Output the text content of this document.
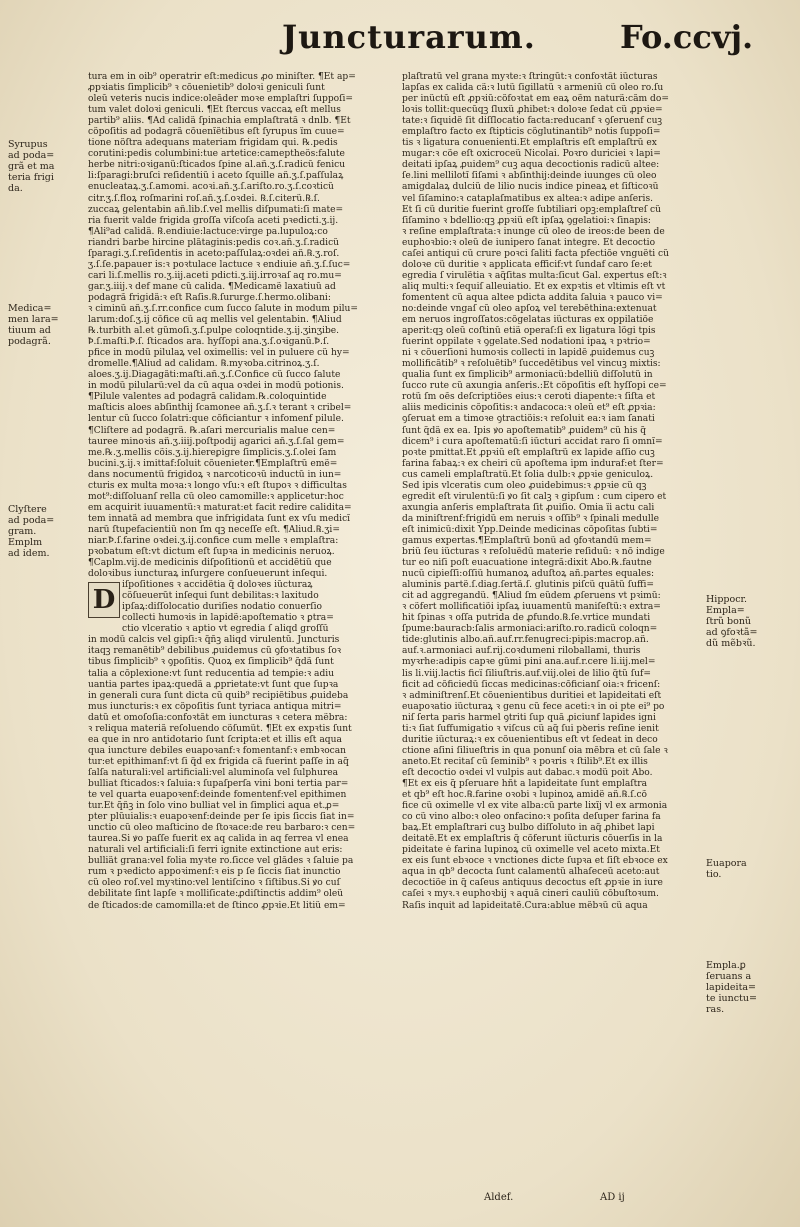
Juncturarum.	Fo.ccvj.
Syrupus
ad poda=
grã et ma
teria frigi
da.
Medica=
men lara=
tiuum ad
podagrã.
Clyſtere
ad poda=
gram.
Emplm
ad idem.
Hippocr.
Empla=
ſtrũ bonũ
ad ꝯfoꝛtã=
dũ mẽbꝛũ.
Euapora
tio.
Empla.ꝑ
ſeruans a
lapideita=
te iunctu=
ras.
tura em in oib⁹ operatrir eſt:medicus ꝓo miniſter. ¶Et ap=
ꝓpꝛiatis ſimplicib⁹ ꝛ cõuenietib⁹ doloꝛi geniculi ſunt
oleũ veteris nucis indice:oleãder moꝛe emplaſtri ſuppoſi=
tum valet doloꝛi geniculi. ¶Et ſtercus vaccaꝝ eſt mellus
partib⁹ aliis. ¶Ad calidã ſpinachia emplaſtratã ꝛ dnlb. ¶Et
cõpoſitis ad podagrã cõuenĩẽtibus eſt ſyrupus ĩm cuue=
tione nõſtra adequans materiam frigidam qui. ℞.pedis
corutini:pedis columbini:tue artetice:cameptheõs:falute
herbe nitri:oꝛiganũ:ſticados ſpine al.añ.ʒ.ſ.radicũ fenicu
li:ſparagi:bruſci reſidentiũ i aceto ſquille añ.ʒ.ſ.paſſulaꝝ
enucleataꝝ.ʒ.ſ.amomi. acoꝛi.añ.ʒ.ſ.ariſto.ro.ʒ.ſ.coꝛticũ
citr.ʒ.ſ.floꝝ roſmarini roſ.añ.ʒ.ſ.oꝛdei. ℞.ſ.citerũ.℞.ſ.
zuccaꝝ gelentabin añ.lib.ſ.vel mellis diſpumati:ſi mate=
ria fuerit valde frigida groſſa viſcoſa aceti pꝛedicti.ʒ.ij.
¶Ali⁹ad calidã. ℞.endiuie:lactuce:virge pa.lupuloꝝ:co
riandri barbe hircine plãtaginis:pedis coꝛ.añ.ʒ.ſ.radicũ
ſparagi.ʒ.ſ.reſidentis in aceto:paſſulaꝝ:oꝛdei añ.℞.ʒ.roſ.
ʒ.ſ.ſe.papauer is:ꝛ poꝛtulace lactuce ꝛ endiuie añ.ʒ.ſ.ſuc=
cari li.ſ.mellis ro.ʒ.iij.aceti pdicti.ʒ.iij.irroꝛaſ aq ro.mu=
gar.ʒ.iiij.ꝛ def mane cũ calida. ¶Medicamẽ laxatiuũ ad
podagrã frigidã:ꝛ eſt Raſis.℞.ſururge.ſ.hermo.olibani:
ꝛ ciminũ añ.ʒ.ſ.rr.confice cum ſucco ſalute in modum pilu=
larum:doſ.ʒ.ij cõfice cũ aq mellis vel gelentabin. ¶Aliud
℞.turbith al.et gũmoſi.ʒ.ſ.pulpe coloqntide.ʒ.ij.ʒinʒibe.
Ꝥ.ſ.maſti.Ꝥ.ſ. ſticados ara. hyſſopi ana.ʒ.ſ.oꝛiganũ.Ꝥ.ſ.
pfice in modũ pilulaꝝ vel oximellis: vel in puluere cũ hy=
dromelle.¶Aliud ad calidam. ℞.myꝛoba.citrinoꝝ.ʒ.ſ.
aloes.ʒ.ij.Diagagãti:maſti.añ.ʒ.ſ.Confice cũ ſucco ſalute
in modũ pilularũ:vel da cũ aqua oꝛdei in modũ potionis.
¶Pilule valentes ad podagrã calidam.℞.coloquintide
maſticis aloes abſinthij ſcamonee añ.ʒ.ſ.ꝛ terant ꝛ cribel=
lentur cũ ſucco ſolatri:que cõficiantur ꝛ infomenf pilule.
¶Cliſtere ad podagrã. ℞.aſari mercurialis malue cen=
tauree minoꝛis añ.ʒ.iiij.poſtpodij agarici añ.ʒ.ſ.ſal gem=
me.℞.ʒ.mellis cõis.ʒ.ij.hiereꝑigre ſimplicis.ʒ.ſ.olei ſam
bucini.ʒ.ij.ꝛ imittaf:ſoluit cõuenieter.¶Emplaſtrũ emẽ=
dans nocumentũ frigidoꝝ ꝛ narcoticoꝛũ inductũ in iun=
cturis ex multa moꝛa:ꝛ longo vſu:ꝛ eſt ſtupoꝛ ꝛ difficultas
mot⁹:diſſoluanſ rella cũ oleo camomille:ꝛ applicetur:hoc
em acquirit iuuamentũ:ꝛ maturat:et facit redire calidita=
tem innatã ad membra que infrigidata ſunt ex vſu medicĩ
narũ ſtupefacientiũ non ſm qꝫ neceſſe eſt. ¶Aliud.℞.ʒi=
niar.Ꝥ.ſ.farine oꝛdei.ʒ.ij.confice cum melle ꝛ emplaſtra:
pꝛobatum eſt:vt dictum eſt ſupꝛa in medicinis neruoꝝ.
¶Capl̃m.vij.de medicinis diſpoſitionũ et accidẽtiũ que
doloꝛibus iuncturaꝝ inſurgere conſueuerunt inſequi.
iſpoſitiones ꝛ accidẽtia q̃ doloꝛes iũcturaꝝ
cõſueuerũt inſequi ſunt debilitas:ꝛ laxitudo
ipſaꝝ:diſſolocatio duriſies nodatio conuerſio
collecti humoꝛis in lapidẽ:apoſtematio ꝛ ꝑtra=
ctio vlceratio ꝛ aptio vt egredia ſ aliqd groſſũ
in modũ calcis vel gipſi:ꝛ q̃ñꝫ aliqd virulentũ. Juncturis
itaqꝫ remanẽtib⁹ debilibus ꝓuidemus cũ ꝯfoꝛtatibus ſoꝛ
tibus ſimplicib⁹ ꝛ ꝯpoſitis. Quoꝝ ex ſimplicib⁹ q̃dã ſunt
talia a cõplexione:vt ſunt reducentia ad temꝑie:ꝛ adiu
uantia partes ipaꝝ:quedã a ꝓprietate:vt ſunt que ſupꝛa
in generali cura ſunt dicta cũ quib⁹ recipiẽtibus ꝓuideba
mus iuncturis:ꝛ ex cõpoſitis ſunt tyriaca antiqua mitri=
datũ et omoſoſia:confoꝛtãt em iuncturas ꝛ cetera mẽbra:
ꝛ reliqua materiã reſoluendo cõſumũt. ¶Et ex expꝛtis ſunt
ea que in nro antidotario ſunt ſcripta:et et illis eſt aqua
qua iuncture debiles euapoꝛanf:ꝛ fomentanf:ꝛ embꝛocan
tur:et epithimanf:vt ſi q̃d ex frigida cã fuerint paſſe in aq̃
ſalſa naturali:vel artificiali:vel aluminoſa vel ſulphurea
bulliat ſticados:ꝛ ſaluia:ꝛ ſupaſperſa vini boni tertia par=
te vel quarta euapoꝛenf:deinde fomentenf:vel epithimen
tur.Et q̃ñꝫ in ſolo vino bulliat vel in ſimplici aqua et.ꝓ=
pter plũuialis:ꝛ euapoꝛenf:deinde per ſe ipis ſiccis ſiat in=
unctio cũ oleo maſticino de ſtoꝛace:de reu barbaro:ꝛ cen=
taurea.Si ꝟo paſſe fuerit ex aq calida in aq ferrea vl enea
naturali vel artificiali:ſi ferri ignite extinctione aut eris:
bulliãt grana:vel folia myꝛte ro.ſicce vel glãdes ꝛ ſaluie pa
rum ꝛ pꝛedicto appoꝛimenf:ꝛ eis p ſe ſiccis ſiat inunctio
cũ oleo roſ.vel myꝛtino:vel lentiſcino ꝛ ſiſtibus.Si ꝟo cuſ
debilitate ſint lapſe ꝛ molliſicate:ꝓdiſtinctis addim⁹ oleũ
de ſticados:de camomilla:et de ſtinco ꝓpꝛie.Et litiũ em=
D
plaſtratũ vel grana myꝛte:ꝛ ſtringũt:ꝛ confoꝛtãt iũcturas
lapſas ex calida cã:ꝛ lutũ ſigillatũ ꝛ armeniũ cũ oleo ro.ſu
per inũctũ eſt ꝓpꝛiũ:cõfoꝛtat em eaꝝ oẽm naturã:cãm do=
loꝛis tollit:quecũqꝫ ſluxũ ꝓhibet:ꝛ doloꝛe ſedat cũ ꝓpꝛie=
tate:ꝛ ſiquidẽ ſit diſſlocatio facta:reducanf ꝛ ꝯſeruenf cuꝫ
emplaſtro facto ex ſtipticis cõglutinantib⁹ notis ſuppoſi=
tis ꝛ ligatura conuenienti.Et emplaſtris eſt emplaſtrũ ex
mugar:ꝛ cõe eſt oxicroceũ Nicolai. Poꝛro duriciei ꝛ lapi=
deitati ipſaꝝ ꝓuidem⁹ cuꝫ aqua decoctionis radicũ altee:
ſe.lini mellilotĩ ſiſami ꝛ abſinthij:deinde iuunges cũ oleo
amigdalaꝝ dulciũ de lilio nucis indice pineaꝝ et ſiſticoꝛũ
vel ſiſamino:ꝛ cataplaſmatibus ex altea:ꝛ adipe anſeris.
Et ſi cũ duritie fuerint groſſe ſubtiliari opꝫ:emplaſtreſ cũ
ſiſamino ꝛ bdellio:qꝫ ꝓpꝛiũ eſt ipſaꝝ ꝯgelatioi:ꝛ ſinapis:
ꝛ reſine emplaſtrata:ꝛ inunge cũ oleo de ireos:de been de
euphoꝛbio:ꝛ oleũ de iunipero ſanat integre. Et decoctio
caſei antiqui cũ crure poꝛci ſaliti facta pfectiõe vnguẽti cũ
doloꝛe cũ duritie ꝛ applicata efficif:vt ſundaf caro ſe:et
egredia ſ virulẽtia ꝛ aq̃ſitas multa:ſicut Gal. expertus eſt:ꝛ
aliq multi:ꝛ ſequiſ alleuiatio. Et ex expꝛtis et vltimis eſt vt
fomentent cũ aqua altee pdicta addita ſaluia ꝛ pauco vi=
no:deinde vngaſ cũ oleo apſoꝝ vel terebẽthina:extenuat
em neruos ingroſſatos:cõgelatas iũcturas ex oppilatiõe
aperit:qꝫ oleũ coſtinũ etiã operaſ:ſi ex ligatura lõgi tpis
fuerint oppilate ꝛ ꝯgelate.Sed nodationi ipaꝝ ꝛ pꝛtrio=
ni ꝛ cõuerſioni humoꝛis collecti in lapidẽ ꝓuidemus cuꝫ
mollificãtib⁹ ꝛ reſoluẽtib⁹ ſuccedẽtibus vel vincuꝫ mixtis:
qualia ſunt ex ſimplicib⁹ armoniacũ:bdelliũ diſſolutũ in
ſucco rute cũ axungia anſeris.:Et cõpoſitis eſt hyſſopi ce=
rotũ ſm oẽs deſcriptiões eius:ꝛ ceroti diapente:ꝛ ſiſta et
aliis medicinis cõpoſitis:ꝛ andacoca:ꝛ oleũ et⁹ eſt ꝓpꝛia:
ꝯſeruat em a timoꝛe ꝯtractiõis:ꝛ reſoluit ea:ꝛ iam ſanati
ſunt q̃dã ex ea. Ipis ꝟo apoſtematib⁹ ꝓuidem⁹ cũ his q̃
dicem⁹ i cura apoſtematũ:ſi iũcturi accidat raro ſi omnĩ=
poꝛte pmittat.Et ꝓpꝛiũ eſt emplaſtrũ ex lapide aſſio cuꝫ
farina fabaꝝ:ꝛ ex cheiri cũ apoſtema ipm induraf:et ſter=
cus cameli emplaſtratũ.Et ſolia dulb:ꝛ ꝓpꝛie geniculoꝝ.
Sed ipis vlceratis cum oleo ꝓuidebimus:ꝛ ꝓpꝛie cũ qꝫ
egredit eſt virulentũ:ſi ꝟo ſit calꝫ ꝛ gipſum : cum cipero et
axungia anſeris emplaſtrata ſit ꝓuiſio. Omia ĩi actu cali
da miniſtrenf:frigidũ em neruis ꝛ oſſib⁹ ꝛ ſpinali medulle
eſt inimicũ:dixit Ypp.Deinde medicinas cõpoſitas ſubti=
gamus expertas.¶Emplaſtrũ bonũ ad ꝯfoꝛtandũ mem=
briũ ſeu iũcturas ꝛ reſoluẽdũ materie reſiduũ: ꝛ nõ indige
tur eo niſi poſt euacuatione integrã:dixit Abo.℞.fautne
nucũ cipieſſi:oſſiũ humanoꝝ aduſtoꝝ añ.partes equales:
aluminis partẽ.ſ.diag.ſertã.ſ. glutinis piſcũ quãtũ ſuffi=
cit ad aggregandũ. ¶Aliud ſm eũdem ꝓſeruens vt pꝛimũ:
ꝛ cõfert mollificatiõi ipſaꝝ iuuamentũ maniſeſtũ:ꝛ extra=
hit ſpinas ꝛ oſſa putrida de ꝓfundo.℞.ſe.vrtice mundati
ſpume:bauracb:ſalis armoniaci:ariſto.ro.radicũ coloqn=
tide:glutinis albo.añ.auf.rr.fenugreci:pipis:macrop.añ.
auf.ꝛ.armoniaci auf.rij.coꝛdumeni riloballami, thuris
myꝛrhe:adipis capꝛe gũmi pini ana.auf.r.cere li.iij.mel=
lis li.viij.lactis ficĩ ſiliuſtris.auf.viij.olei de lilio q̃tũ ſuf=
ficit ad cõficiedũ ſiccas medicinas:cõficianſ oia:ꝛ fricenſ:
ꝛ adminiſtrenſ.Et cõuenientibus duritiei et lapideitati eſt
euapoꝛatio iũcturaꝝ ꝛ genu cũ fece aceti:ꝛ in oi pte ei⁹ po
niſ ſerta paris harmel ꝯtriti ſup quã ꝓiciunf lapides igni
ti:ꝛ ſiat ſuffumigatio ꝛ viſcus cũ aq̃ ſui pꝺeris reſine ienit
duritie iũcturaꝝ:ꝛ ex cõuenientibus eſt vt ſedeat in deco
ctione aſini ſiliueſtris in qua ponunſ oia mẽbra et cũ ſale ꝛ
aneto.Et recitaſ cũ ſeminib⁹ ꝛ poꝛris ꝛ ſtilib⁹.Et ex illis
eſt decoctio oꝛdei vl vulpis aut dabac.ꝛ modũ poit Abo.
¶Et ex eis q̃ pſeruare hñt a lapideitate ſunt emplaſtra
et qb⁹ eſt hoc.℞.farine oꝛobi ꝛ lupinoꝝ amidẽ añ.℞.ſ.cõ
fice cũ oximelle vl ex vite alba:cũ parte lixĩj vl ex armonia
co cũ vino albo:ꝛ oleo onfacino:ꝛ poſita deſuper farina fa
baꝝ.Et emplaſtrari cuꝫ bulbo diſſoluto in aq̃ ꝓhibet lapi
deitatẽ.Et ex emplaſtris q̃ cõferunt iũcturis cõuerſis in la
pideitate é farina lupinoꝝ cũ oximelle vel aceto mixta.Et
ex eis ſunt ebꝛoce ꝛ vnctiones dicte ſupꝛa et ſiſt ebꝛoce ex
aqua in qb⁹ decocta ſunt calamentũ alhaſeceũ aceto:aut
decoctiõe in q̃ caſeus antiquus decoctus eſt ꝓpꝛie in iure
caſei ꝛ myꝛ.ꝛ euphoꝛbij ꝛ aquã cineri cauliũ cõbuſtoꝛum.
Raſis inquit ad lapideitatẽ.Cura:ablue mẽbꝛũ cũ aqua
Aldef.	AD ij
